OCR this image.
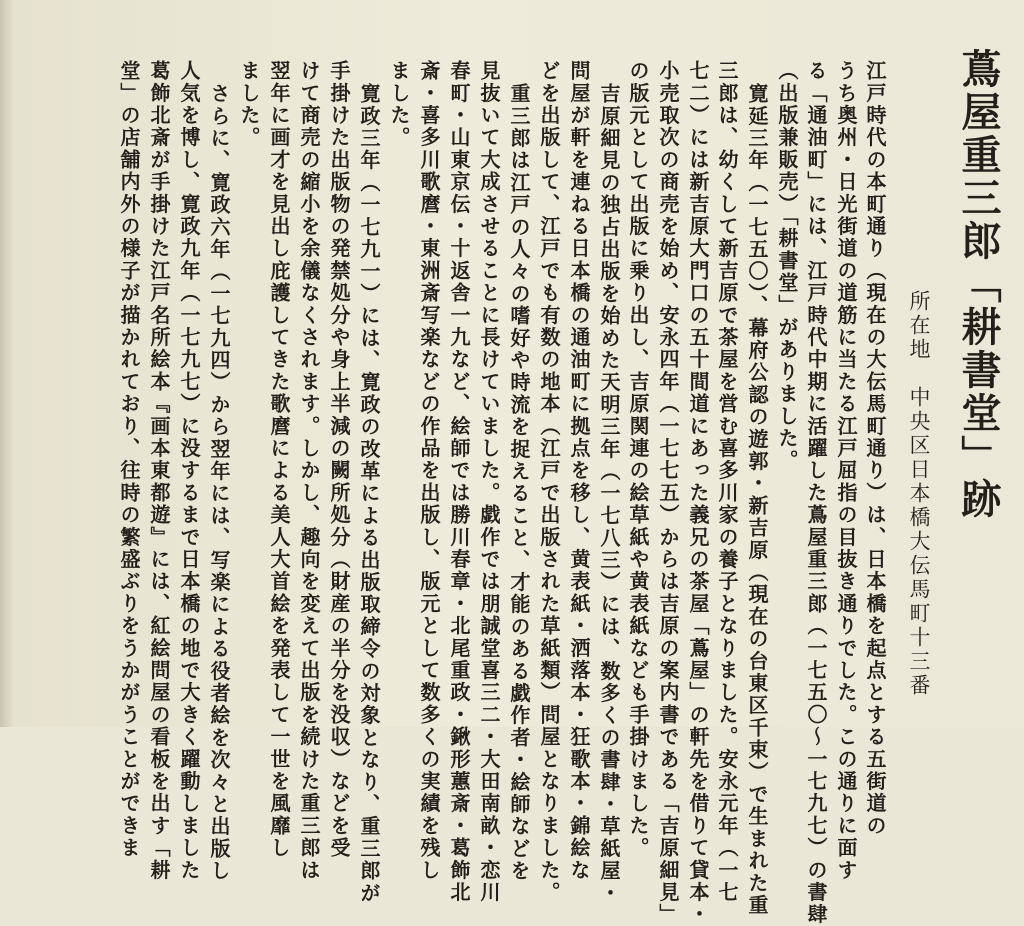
蔦屋重三郎「耕書堂」跡
所在地　中央区日本橋大伝馬町十三番
江戸時代の本町通り（現在の大伝馬町通り）は、日本橋を起点とする五街道の
うち奥州・日光街道の道筋に当たる江戸屈指の目抜き通りでした。この通りに面す
る「通油町」には、江戸時代中期に活躍した蔦屋重三郎（一七五〇〜一七九七）の書肆
（出版兼販売）「耕書堂」がありました。
寛延三年（一七五〇）、幕府公認の遊郭・新吉原（現在の台東区千束）で生まれた重
三郎は、幼くして新吉原で茶屋を営む喜多川家の養子となりました。安永元年（一七
七二）には新吉原大門口の五十間道にあった義兄の茶屋「蔦屋」の軒先を借りて貸本・
小売取次の商売を始め、安永四年（一七七五）からは吉原の案内書である「吉原細見」
の版元として出版に乗り出し、吉原関連の絵草紙や黄表紙なども手掛けました。
吉原細見の独占出版を始めた天明三年（一七八三）には、数多くの書肆・草紙屋・
問屋が軒を連ねる日本橋の通油町に拠点を移し、黄表紙・洒落本・狂歌本・錦絵な
どを出版して、江戸でも有数の地本（江戸で出版された草紙類）問屋となりました。
重三郎は江戸の人々の嗜好や時流を捉えること、才能のある戯作者・絵師などを
見抜いて大成させることに長けていました。戯作では朋誠堂喜三二・大田南畝・恋川
春町・山東京伝・十返舎一九など、絵師では勝川春章・北尾重政・鍬形蕙斎・葛飾北
斎・喜多川歌麿・東洲斎写楽などの作品を出版し、版元として数多くの実績を残し
ました。
寛政三年（一七九一）には、寛政の改革による出版取締令の対象となり、重三郎が
手掛けた出版物の発禁処分や身上半減の闕所処分（財産の半分を没収）などを受
けて商売の縮小を余儀なくされます。しかし、趣向を変えて出版を続けた重三郎は
翌年に画才を見出し庇護してきた歌麿による美人大首絵を発表して一世を風靡し
ました。
さらに、寛政六年（一七九四）から翌年には、写楽による役者絵を次々と出版し
人気を博し、寛政九年（一七九七）に没するまで日本橋の地で大きく躍動しました
葛飾北斎が手掛けた江戸名所絵本『画本東都遊』には、紅絵問屋の看板を出す「耕
堂」の店舗内外の様子が描かれており、往時の繁盛ぶりをうかがうことができま
